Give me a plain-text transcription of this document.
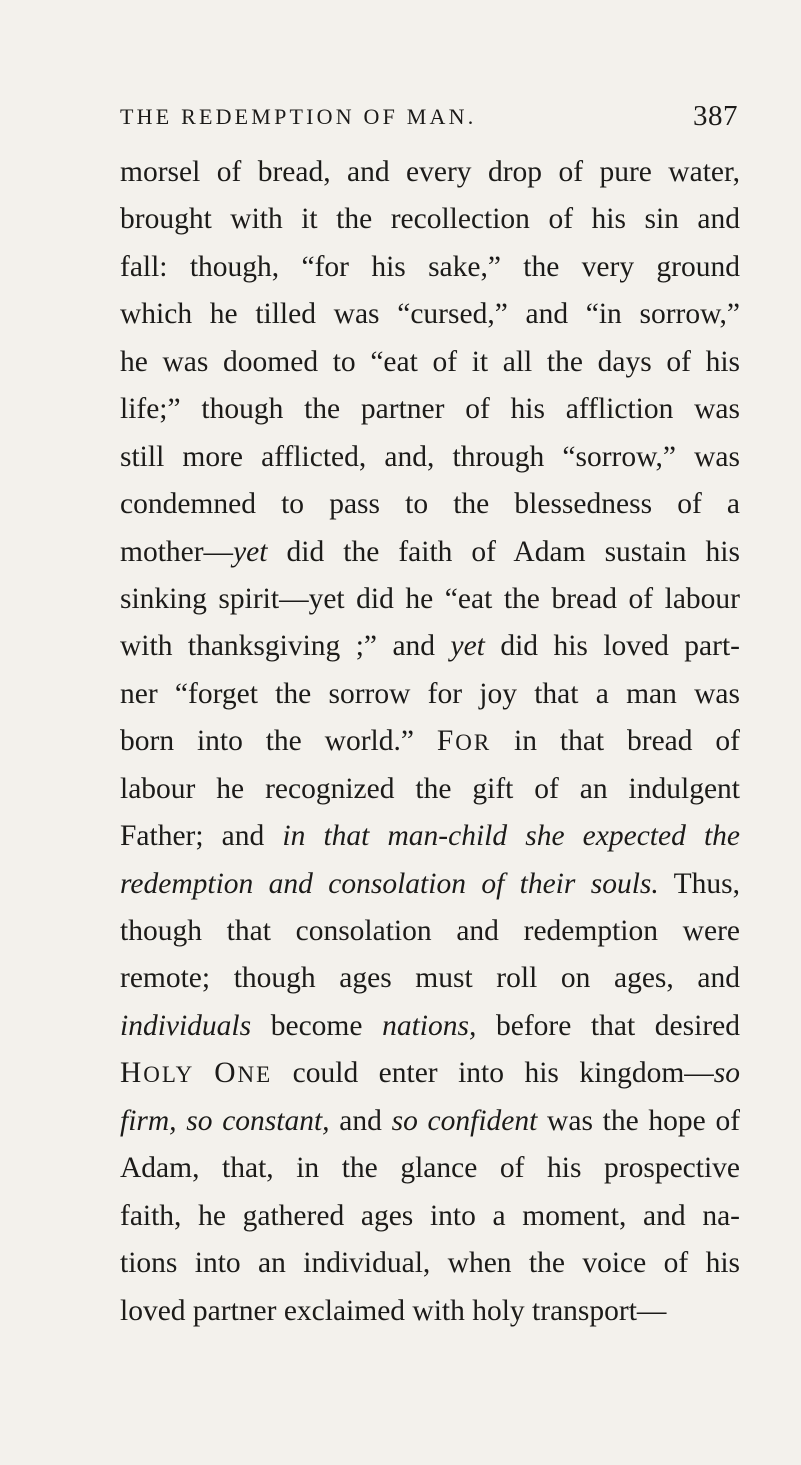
THE REDEMPTION OF MAN.	387
morsel of bread, and every drop of pure water,
brought with it the recollection of his sin and
fall: though, “for his sake,” the very ground
which he tilled was “cursed,” and “in sorrow,”
he was doomed to “eat of it all the days of his
life;” though the partner of his affliction was
still more afflicted, and, through “sorrow,” was
condemned to pass to the blessedness of a
mother—yet did the faith of Adam sustain his
sinking spirit—yet did he “eat the bread of labour
with thanksgiving ;” and yet did his loved part-
ner “forget the sorrow for joy that a man was
born into the world.” FOR in that bread of
labour he recognized the gift of an indulgent
Father; and in that man-child she expected the
redemption and consolation of their souls. Thus,
though that consolation and redemption were
remote; though ages must roll on ages, and
individuals become nations, before that desired
HOLY ONE could enter into his kingdom—so
firm, so constant, and so confident was the hope of
Adam, that, in the glance of his prospective
faith, he gathered ages into a moment, and na-
tions into an individual, when the voice of his
loved partner exclaimed with holy transport—
